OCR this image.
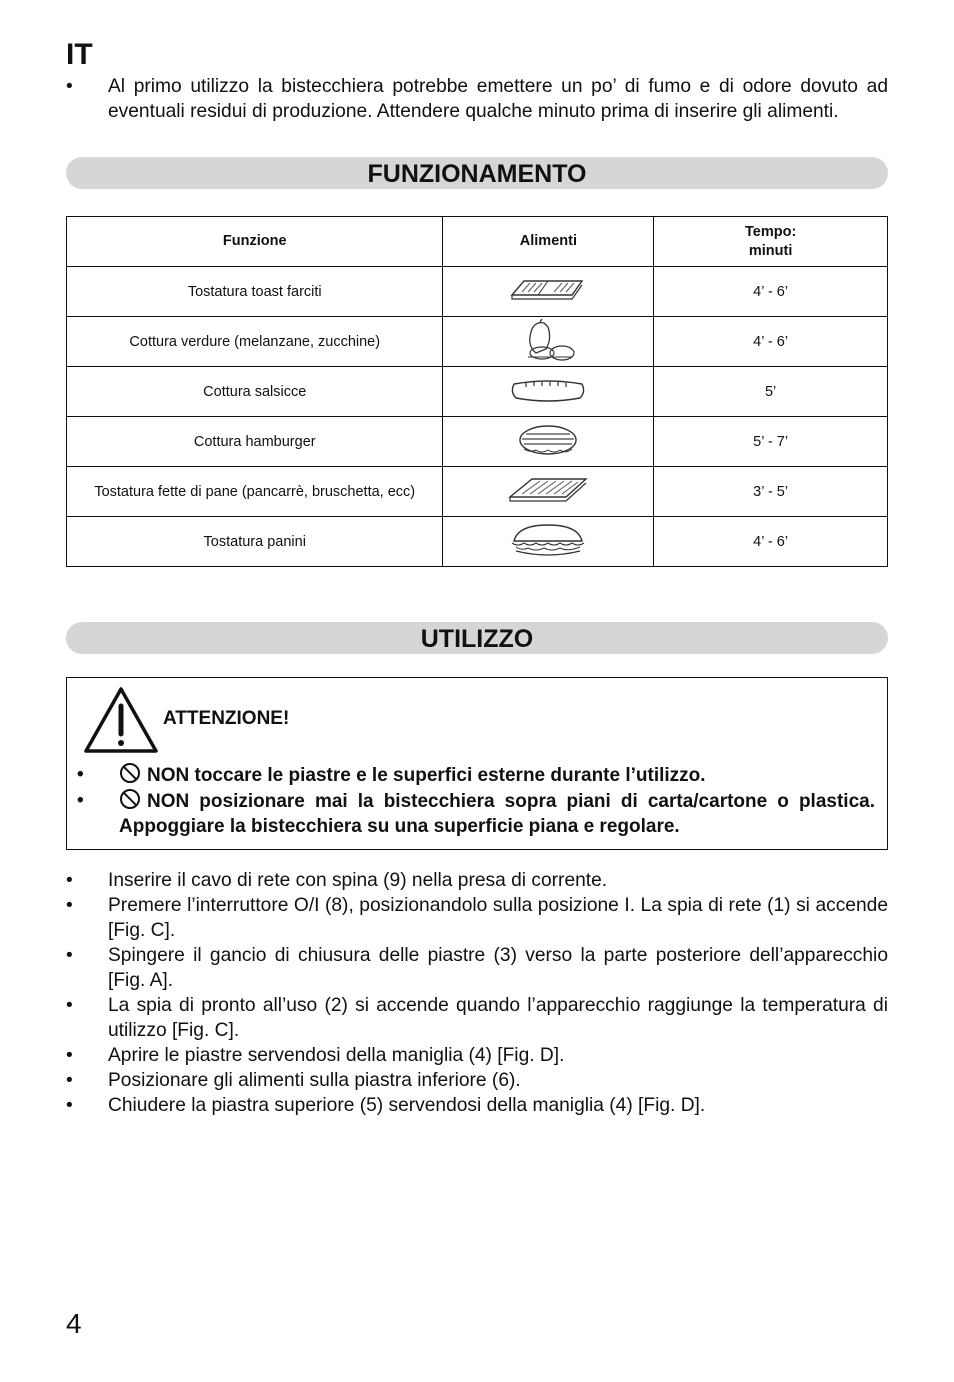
IT
• Al primo utilizzo la bistecchiera potrebbe emettere un po’ di fumo e di odore dovuto ad eventuali residui di produzione. Attendere qualche minuto prima di inserire gli alimenti.
FUNZIONAMENTO
Funzione	Alimenti	Tempo:
minuti
Tostatura toast farciti		4’ - 6’
Cottura verdure (melanzane, zucchine)		4’ - 6’
Cottura salsicce		5’
Cottura hamburger		5’ - 7’
Tostatura fette di pane (pancarrè, bruschetta, ecc)		3’ - 5’
Tostatura panini		4’ - 6’
UTILIZZO
ATTENZIONE!
•	NON toccare le piastre e le superfici esterne durante l’utilizzo.
•	NON posizionare mai la bistecchiera sopra piani di carta/cartone o plastica. Appoggiare la bistecchiera su una superficie piana e regolare.
• Inserire il cavo di rete con spina (9) nella presa di corrente.
• Premere l’interruttore O/I (8), posizionandolo sulla posizione I. La spia di rete (1) si accende [Fig. C].
• Spingere il gancio di chiusura delle piastre (3) verso la parte posteriore dell’apparecchio [Fig. A].
• La spia di pronto all’uso (2) si accende quando l’apparecchio raggiunge la temperatura di utilizzo [Fig. C].
• Aprire le piastre servendosi della maniglia (4) [Fig. D].
• Posizionare gli alimenti sulla piastra inferiore (6).
• Chiudere la piastra superiore (5) servendosi della maniglia (4) [Fig. D].
4
